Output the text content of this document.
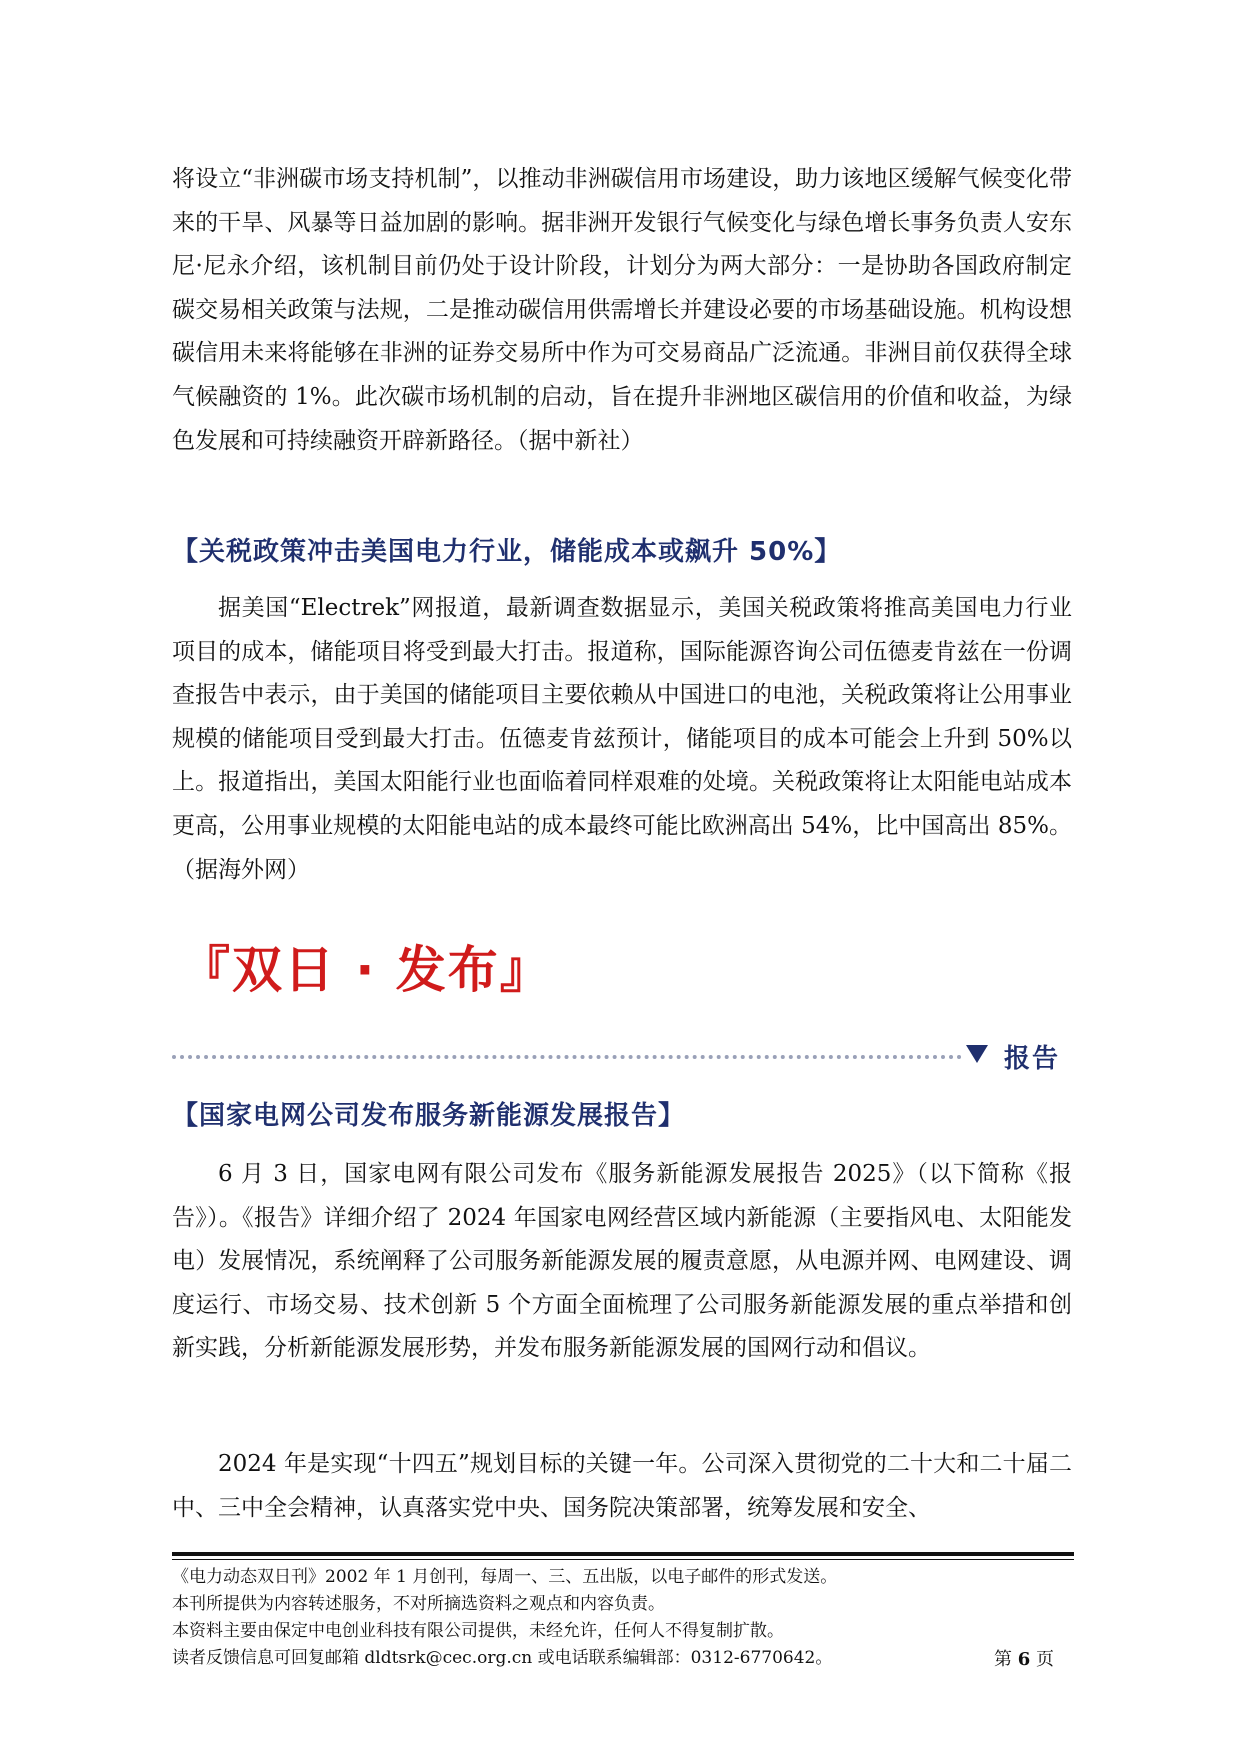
将设立“非洲碳市场支持机制”，以推动非洲碳信用市场建设，助力该地区缓解气候变化带来的干旱、风暴等日益加剧的影响。据非洲开发银行气候变化与绿色增长事务负责人安东尼·尼永介绍，该机制目前仍处于设计阶段，计划分为两大部分：一是协助各国政府制定碳交易相关政策与法规，二是推动碳信用供需增长并建设必要的市场基础设施。机构设想碳信用未来将能够在非洲的证券交易所中作为可交易商品广泛流通。非洲目前仅获得全球气候融资的 1%。此次碳市场机制的启动，旨在提升非洲地区碳信用的价值和收益，为绿色发展和可持续融资开辟新路径。（据中新社）

【关税政策冲击美国电力行业，储能成本或飙升 50%】

据美国“Electrek”网报道，最新调查数据显示，美国关税政策将推高美国电力行业项目的成本，储能项目将受到最大打击。报道称，国际能源咨询公司伍德麦肯兹在一份调查报告中表示，由于美国的储能项目主要依赖从中国进口的电池，关税政策将让公用事业规模的储能项目受到最大打击。伍德麦肯兹预计，储能项目的成本可能会上升到 50%以上。报道指出，美国太阳能行业也面临着同样艰难的处境。关税政策将让太阳能电站成本更高，公用事业规模的太阳能电站的成本最终可能比欧洲高出 54%，比中国高出 85%。（据海外网）

『双日 · 发布』
报告
【国家电网公司发布服务新能源发展报告】

6 月 3 日，国家电网有限公司发布《服务新能源发展报告 2025》（以下简称《报告》）。《报告》详细介绍了 2024 年国家电网经营区域内新能源（主要指风电、太阳能发电）发展情况，系统阐释了公司服务新能源发展的履责意愿，从电源并网、电网建设、调度运行、市场交易、技术创新 5 个方面全面梳理了公司服务新能源发展的重点举措和创新实践，分析新能源发展形势，并发布服务新能源发展的国网行动和倡议。

2024 年是实现“十四五”规划目标的关键一年。公司深入贯彻党的二十大和二十届二中、三中全会精神，认真落实党中央、国务院决策部署，统筹发展和安全、

《电力动态双日刊》2002 年 1 月创刊，每周一、三、五出版，以电子邮件的形式发送。
本刊所提供为内容转述服务，不对所摘选资料之观点和内容负责。
本资料主要由保定中电创业科技有限公司提供，未经允许，任何人不得复制扩散。
读者反馈信息可回复邮箱 dldtsrk@cec.org.cn 或电话联系编辑部：0312-6770642。	第 6 页
